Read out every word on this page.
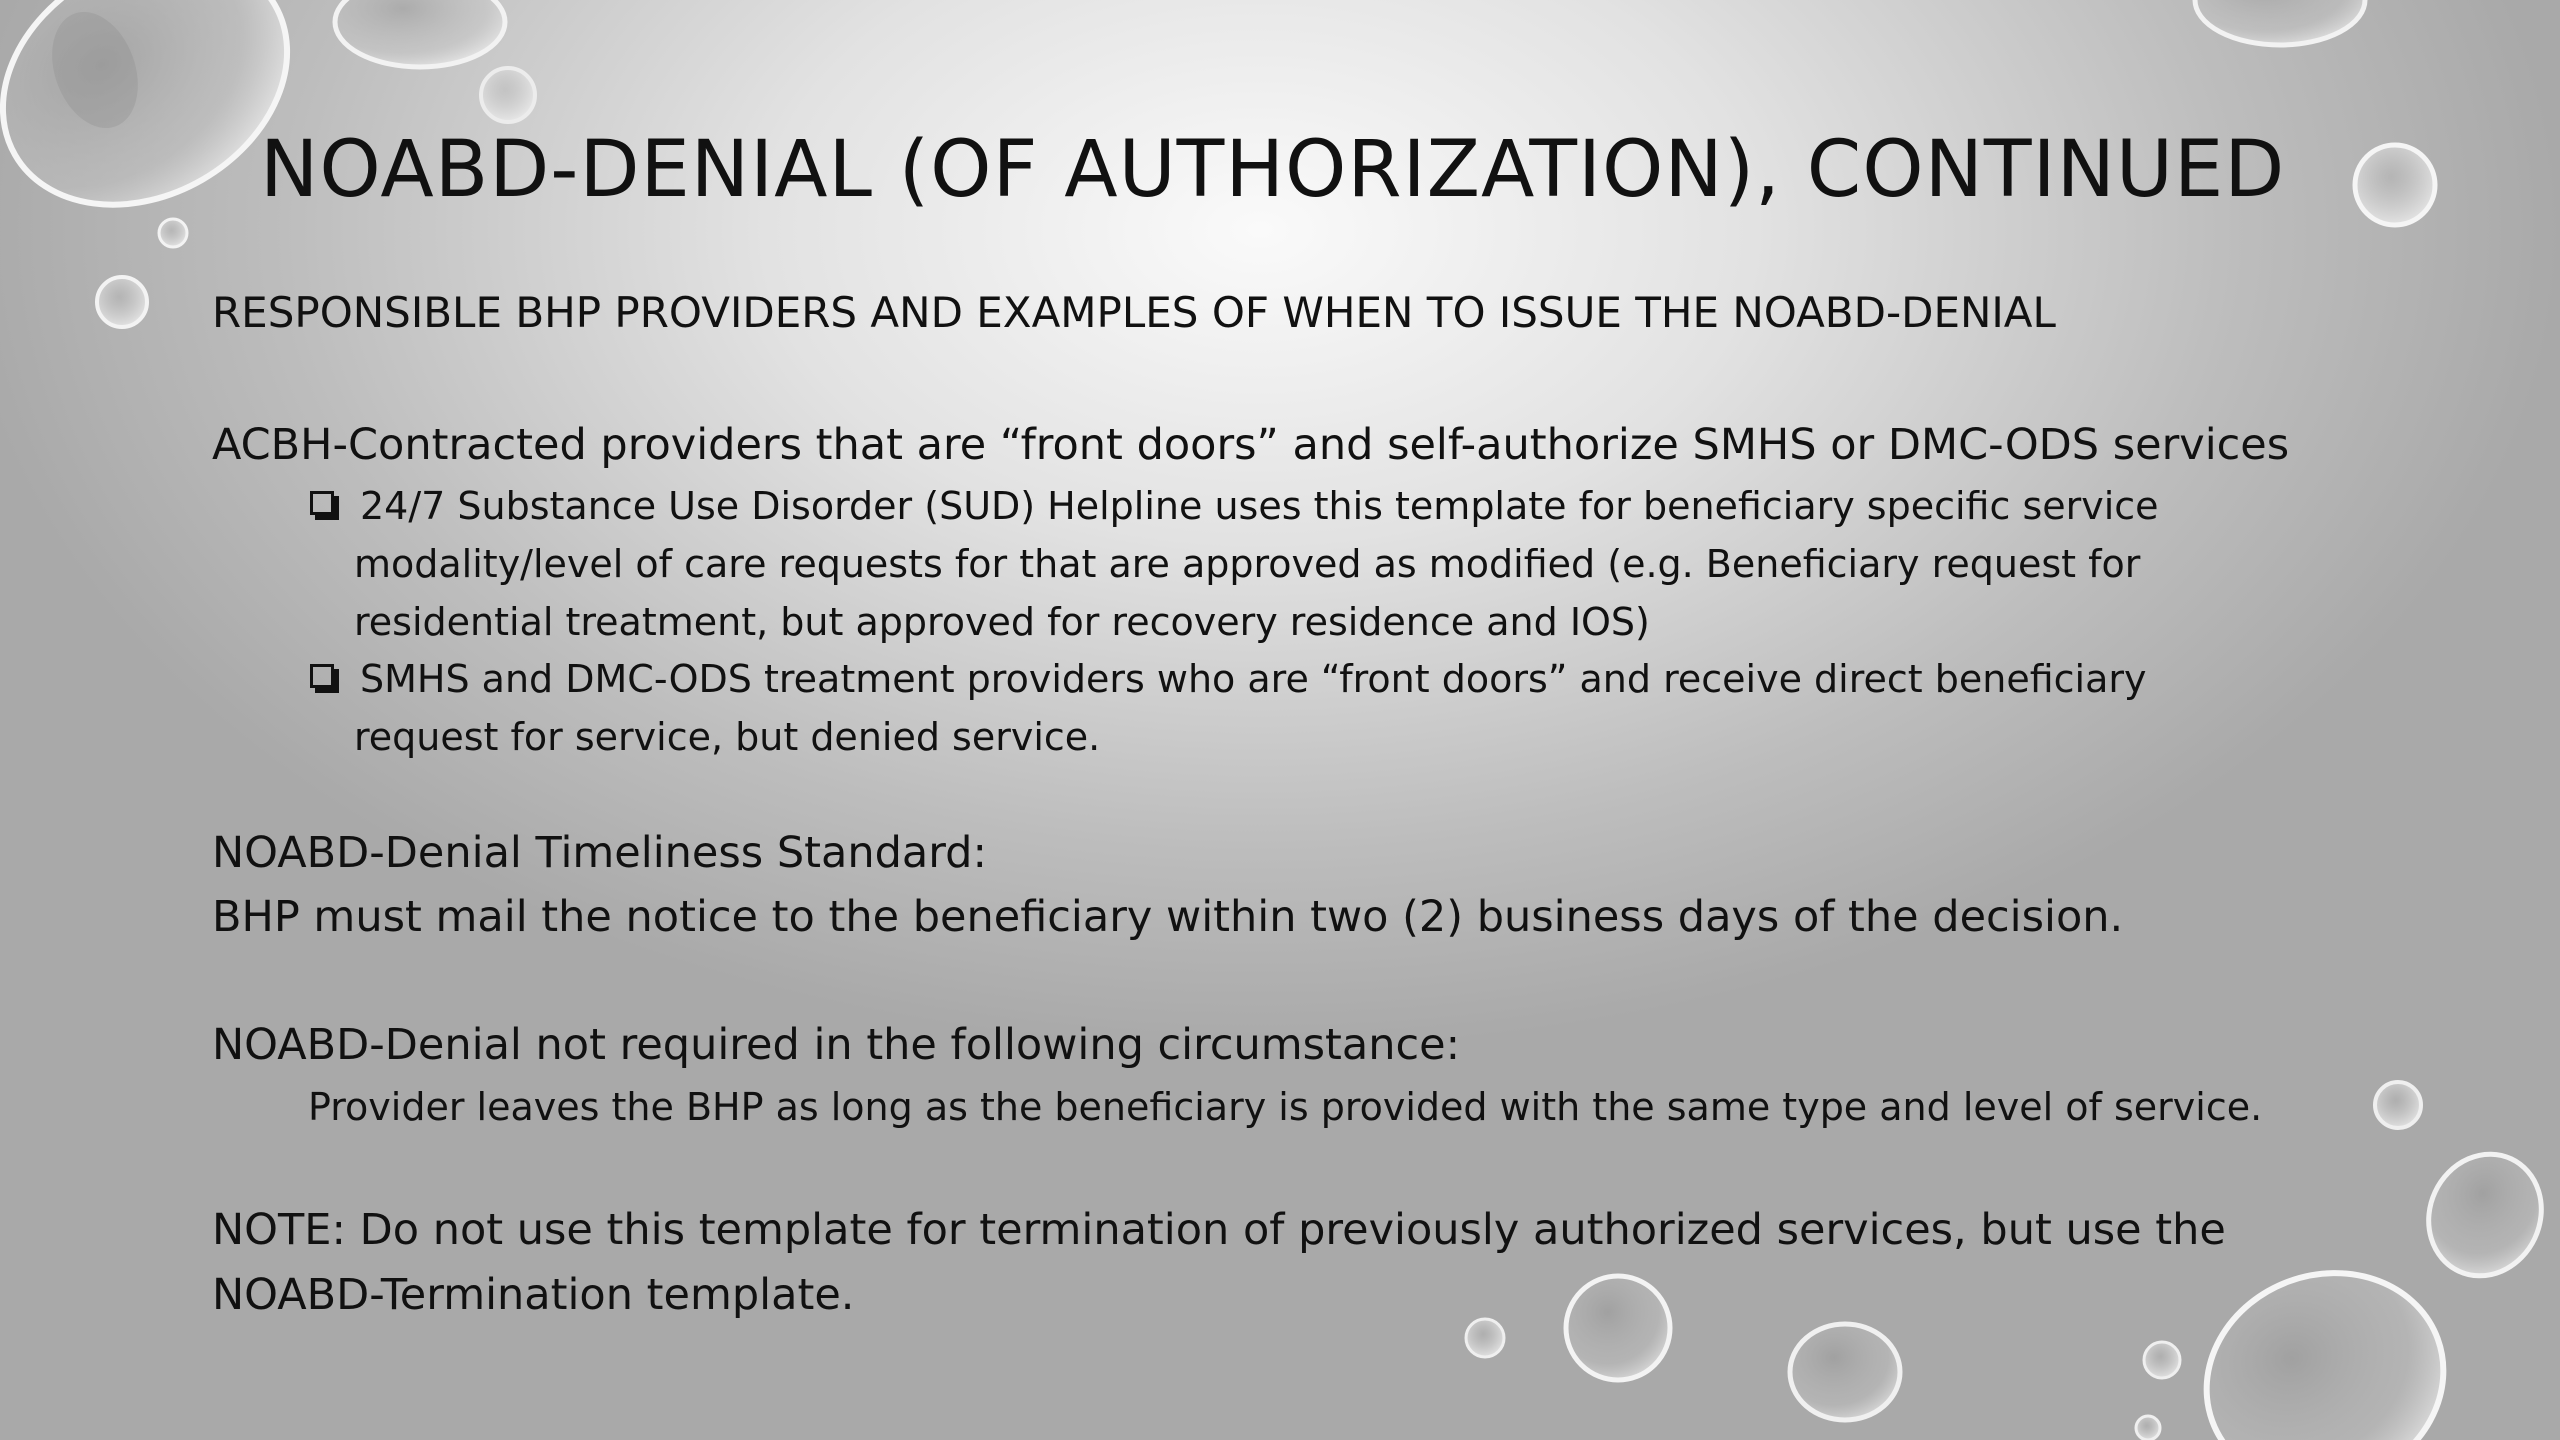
NOABD-DENIAL (OF AUTHORIZATION), CONTINUED
RESPONSIBLE BHP PROVIDERS AND EXAMPLES OF WHEN TO ISSUE THE NOABD-DENIAL
ACBH-Contracted providers that are “front doors” and self-authorize SMHS or DMC-ODS services
24/7 Substance Use Disorder (SUD) Helpline uses this template for beneficiary specific service
modality/level of care requests for that are approved as modified (e.g. Beneficiary request for
residential treatment, but approved for recovery residence and IOS)
SMHS and DMC-ODS treatment providers who are “front doors” and receive direct beneficiary
request for service, but denied service.
NOABD-Denial Timeliness Standard:
BHP must mail the notice to the beneficiary within two (2) business days of the decision.
NOABD-Denial not required in the following circumstance:
Provider leaves the BHP as long as the beneficiary is provided with the same type and level of service.
NOTE: Do not use this template for termination of previously authorized services, but use the
NOABD-Termination template.
